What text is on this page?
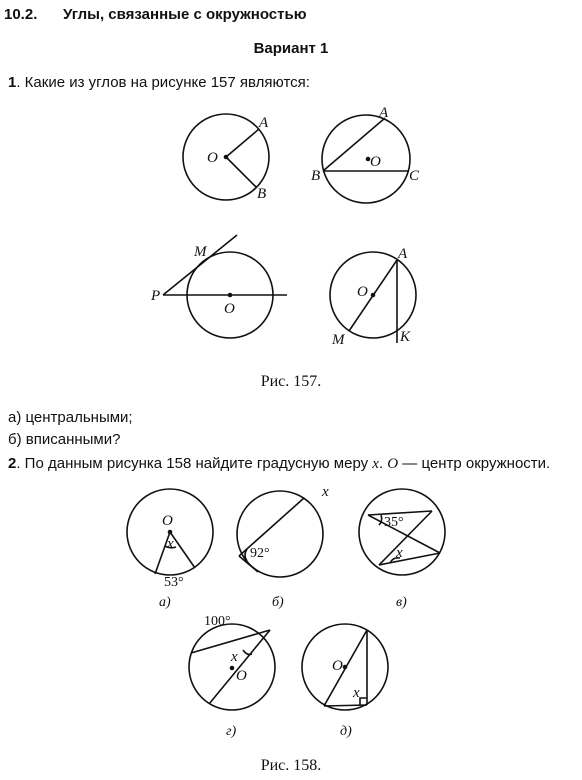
10.2. Углы, связанные с окружностью
Вариант 1
1. Какие из углов на рисунке 157 являются:
O
A
B
A
B	C
O
M
P
O
A
O
M	K
O
x
53°
а)
x
92°
б)
35°
x
в)
100°
x
O
г)
O
x
д)
Рис. 157.
а) центральными;
б) вписанными?
2. По данным рисунка 158 найдите градусную меру x. O — центр окружности.
Рис. 158.
